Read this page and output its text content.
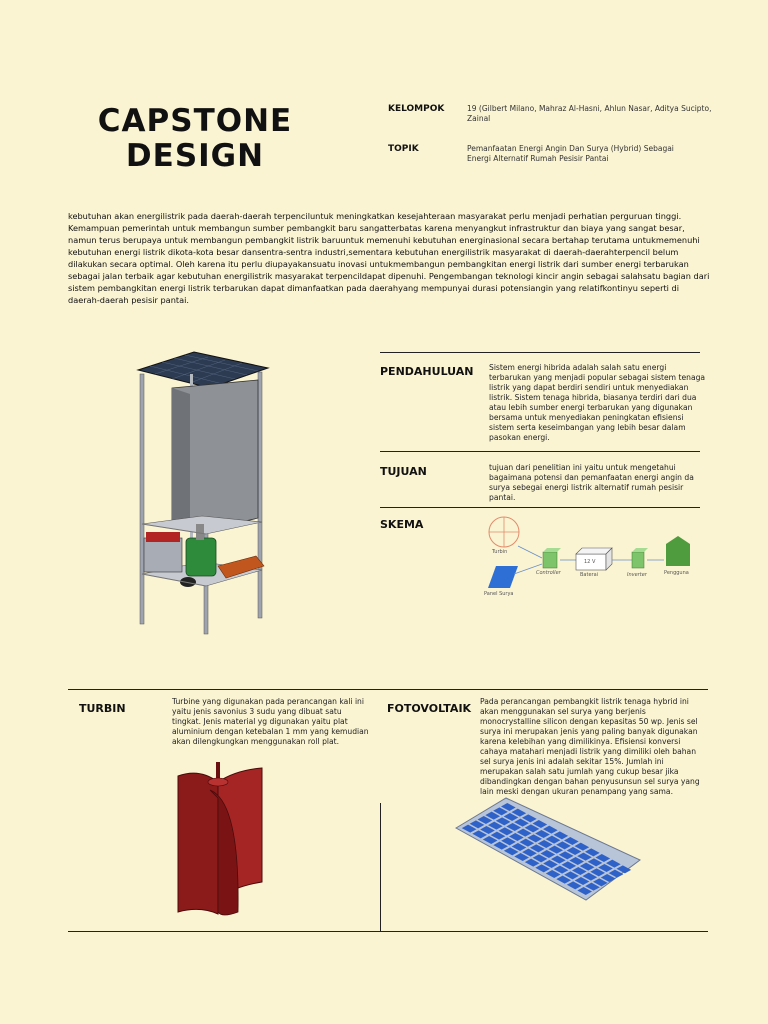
CAPSTONE
DESIGN
KELOMPOK	19 (Gilbert Milano, Mahraz Al-Hasni, Ahlun Nasar, Aditya Sucipto, Zainal
TOPIK	Pemanfaatan Energi Angin Dan Surya (Hybrid) Sebagai Energi Alternatif Rumah Pesisir Pantai
kebutuhan akan energilistrik pada daerah-daerah terpenciluntuk meningkatkan kesejahteraan masyarakat perlu menjadi perhatian perguruan tinggi. Kemampuan pemerintah untuk membangun sumber pembangkit baru sangatterbatas karena menyangkut infrastruktur dan biaya yang sangat besar, namun terus berupaya untuk membangun pembangkit listrik baruuntuk memenuhi kebutuhan energinasional secara bertahap terutama untukmemenuhi kebutuhan energi listrik dikota-kota besar dansentra-sentra industri,sementara kebutuhan energilistrik masyarakat di daerah-daerahterpencil belum dilakukan secara optimal. Oleh karena itu perlu diupayakansuatu inovasi untukmembangun pembangkitan energi listrik dari sumber energi terbarukan sebagai jalan terbaik agar kebutuhan energilistrik masyarakat terpencildapat dipenuhi. Pengembangan teknologi kincir angin sebagai salahsatu bagian dari sistem pembangkitan energi listrik terbarukan dapat dimanfaatkan pada daerahyang mempunyai durasi potensiangin yang relatifkontinyu seperti di daerah-daerah pesisir pantai.
PENDAHULUAN Sistem energi hibrida adalah salah satu energi terbarukan yang menjadi popular sebagai sistem tenaga listrik yang dapat berdiri sendiri untuk menyediakan listrik. Sistem tenaga hibrida, biasanya terdiri dari dua atau lebih sumber energi terbarukan yang digunakan bersama untuk menyediakan peningkatan efisiensi sistem serta keseimbangan yang lebih besar dalam pasokan energi.
TUJUAN	tujuan dari penelitian ini yaitu untuk mengetahui bagaimana potensi dan pemanfaatan energi angin da surya sebegai energi listrik alternatif rumah pesisir pantai.
SKEMA
Turbin
Controller
12 V
Baterai	Inverter	Pengguna
Panel Surya
TURBIN
Turbine yang digunakan pada perancangan kali ini yaitu jenis savonius 3 sudu yang dibuat satu tingkat. Jenis material yg digunakan yaitu plat aluminium dengan ketebalan 1 mm yang kemudian akan dilengkungkan menggunakan roll plat.
FOTOVOLTAIK
Pada perancangan pembangkit listrik tenaga hybrid ini akan menggunakan sel surya yang berjenis monocrystalline silicon dengan kepasitas 50 wp. Jenis sel surya ini merupakan jenis yang paling banyak digunakan karena kelebihan yang dimilikinya. Efisiensi konversi cahaya matahari menjadi listrik yang dimiliki oleh bahan sel surya jenis ini adalah sekitar 15%. Jumlah ini merupakan salah satu jumlah yang cukup besar jika dibandingkan dengan bahan penyusunsun sel surya yang lain meski dengan ukuran penampang yang sama.
